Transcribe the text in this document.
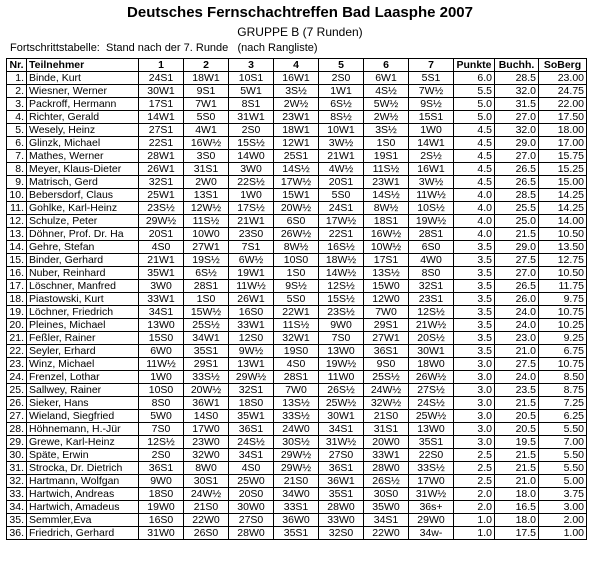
Deutsches Fernschachtreffen Bad Laasphe 2007
GRUPPE B (7 Runden)
Fortschrittstabelle:  Stand nach der 7. Runde   (nach Rangliste)
Nr.	Teilnehmer	1	2	3	4	5	6	7	Punkte	Buchh.	SoBerg
1.	Binde, Kurt	24S1	18W1	10S1	16W1	2S0	6W1	5S1	6.0	28.5	23.00
2.	Wiesner, Werner	30W1	9S1	5W1	3S½	1W1	4S½	7W½	5.5	32.0	24.75
3.	Packroff, Hermann	17S1	7W1	8S1	2W½	6S½	5W½	9S½	5.0	31.5	22.00
4.	Richter, Gerald	14W1	5S0	31W1	23W1	8S½	2W½	15S1	5.0	27.0	17.50
5.	Wesely, Heinz	27S1	4W1	2S0	18W1	10W1	3S½	1W0	4.5	32.0	18.00
6.	Glinzk, Michael	22S1	16W½	15S½	12W1	3W½	1S0	14W1	4.5	29.0	17.00
7.	Mathes, Werner	28W1	3S0	14W0	25S1	21W1	19S1	2S½	4.5	27.0	15.75
8.	Meyer, Klaus-Dieter	26W1	31S1	3W0	14S½	4W½	11S½	16W1	4.5	26.5	15.25
9.	Matrisch, Gerd	32S1	2W0	22S½	17W½	20S1	23W1	3W½	4.5	26.5	15.00
10.	Bebersdorf, Claus	25W1	13S1	1W0	15W1	5S0	14S½	11W½	4.0	28.5	14.25
11.	Gohlke, Karl-Heinz	23S½	12W½	17S½	20W½	24S1	8W½	10S½	4.0	25.5	14.25
12.	Schulze, Peter	29W½	11S½	21W1	6S0	17W½	18S1	19W½	4.0	25.0	14.00
13.	Döhner, Prof. Dr. Ha	20S1	10W0	23S0	26W½	22S1	16W½	28S1	4.0	21.5	10.50
14.	Gehre, Stefan	4S0	27W1	7S1	8W½	16S½	10W½	6S0	3.5	29.0	13.50
15.	Binder, Gerhard	21W1	19S½	6W½	10S0	18W½	17S1	4W0	3.5	27.5	12.75
16.	Nuber, Reinhard	35W1	6S½	19W1	1S0	14W½	13S½	8S0	3.5	27.0	10.50
17.	Löschner, Manfred	3W0	28S1	11W½	9S½	12S½	15W0	32S1	3.5	26.5	11.75
18.	Piastowski, Kurt	33W1	1S0	26W1	5S0	15S½	12W0	23S1	3.5	26.0	9.75
19.	Löchner, Friedrich	34S1	15W½	16S0	22W1	23S½	7W0	12S½	3.5	24.0	10.75
20.	Pleines, Michael	13W0	25S½	33W1	11S½	9W0	29S1	21W½	3.5	24.0	10.25
21.	Feßler, Rainer	15S0	34W1	12S0	32W1	7S0	27W1	20S½	3.5	23.0	9.25
22.	Seyler, Erhard	6W0	35S1	9W½	19S0	13W0	36S1	30W1	3.5	21.0	6.75
23.	Winz, Michael	11W½	29S1	13W1	4S0	19W½	9S0	18W0	3.0	27.5	10.75
24.	Frenzel, Lothar	1W0	33S½	29W½	28S1	11W0	25S½	26W½	3.0	24.0	8.50
25.	Sallwey, Rainer	10S0	20W½	32S1	7W0	26S½	24W½	27S½	3.0	23.5	8.75
26.	Sieker, Hans	8S0	36W1	18S0	13S½	25W½	32W½	24S½	3.0	21.5	7.25
27.	Wieland, Siegfried	5W0	14S0	35W1	33S½	30W1	21S0	25W½	3.0	20.5	6.25
28.	Höhnemann, H.-Jür	7S0	17W0	36S1	24W0	34S1	31S1	13W0	3.0	20.5	5.50
29.	Grewe, Karl-Heinz	12S½	23W0	24S½	30S½	31W½	20W0	35S1	3.0	19.5	7.00
30.	Späte, Erwin	2S0	32W0	34S1	29W½	27S0	33W1	22S0	2.5	21.5	5.50
31.	Strocka, Dr. Dietrich	36S1	8W0	4S0	29W½	36S1	28W0	33S½	2.5	21.5	5.50
32.	Hartmann, Wolfgan	9W0	30S1	25W0	21S0	36W1	26S½	17W0	2.5	21.0	5.00
33.	Hartwich, Andreas	18S0	24W½	20S0	34W0	35S1	30S0	31W½	2.0	18.0	3.75
34.	Hartwich, Amadeus	19W0	21S0	30W0	33S1	28W0	35W0	36s+	2.0	16.5	3.00
35.	Semmler,Eva	16S0	22W0	27S0	36W0	33W0	34S1	29W0	1.0	18.0	2.00
36.	Friedrich, Gerhard	31W0	26S0	28W0	35S1	32S0	22W0	34w-	1.0	17.5	1.00
